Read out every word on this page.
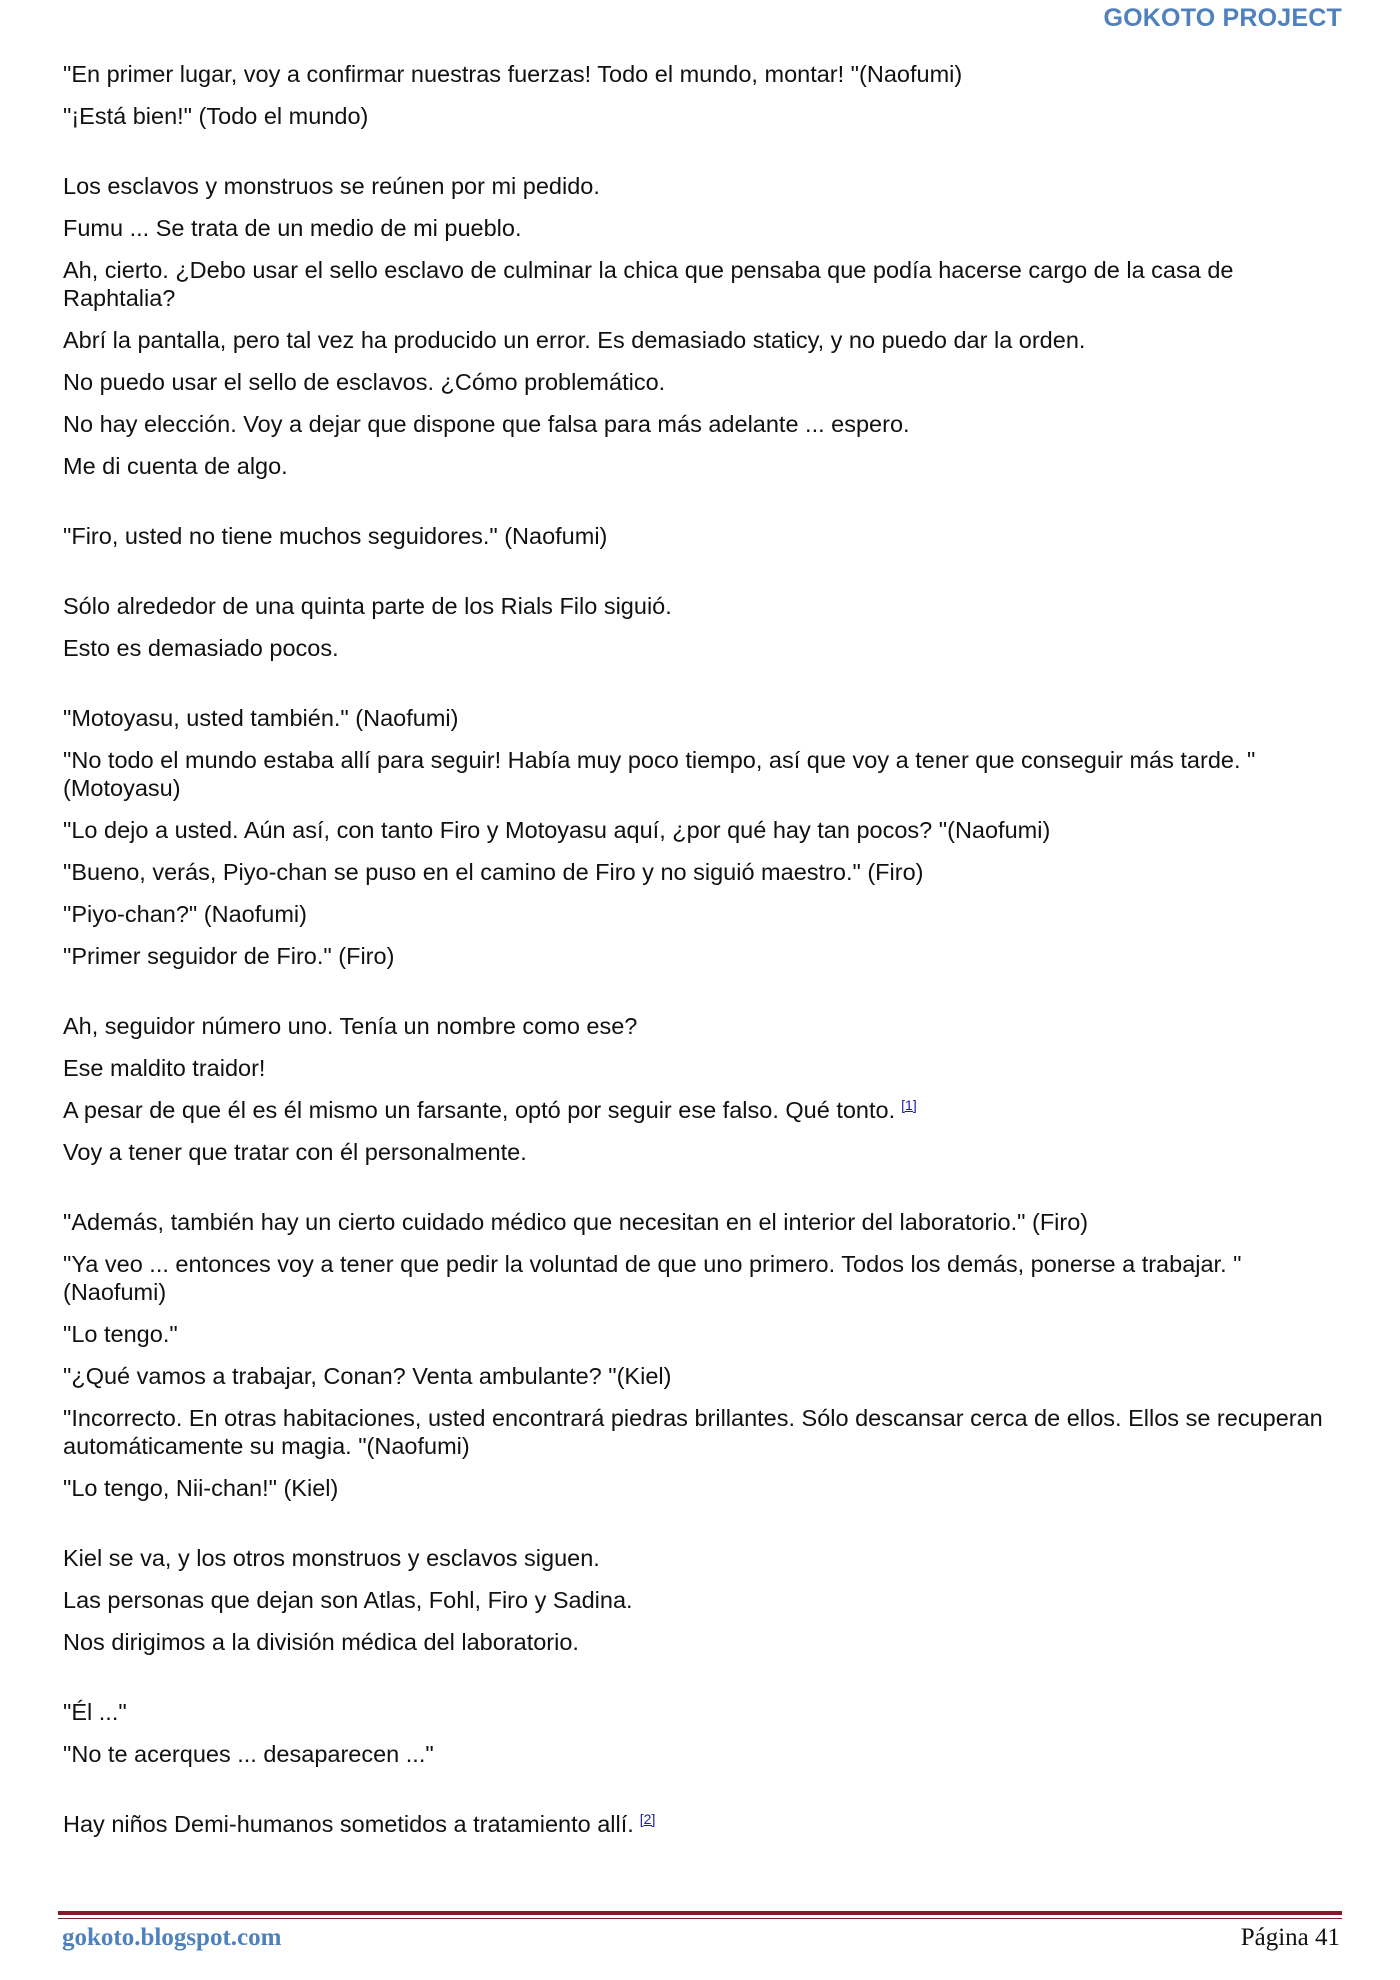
GOKOTO PROJECT

"En primer lugar, voy a confirmar nuestras fuerzas! Todo el mundo, montar! "(Naofumi)

"¡Está bien!" (Todo el mundo)

Los esclavos y monstruos se reúnen por mi pedido.

Fumu ... Se trata de un medio de mi pueblo.

Ah, cierto. ¿Debo usar el sello esclavo de culminar la chica que pensaba que podía hacerse cargo de la casa de Raphtalia?

Abrí la pantalla, pero tal vez ha producido un error. Es demasiado staticy, y no puedo dar la orden.

No puedo usar el sello de esclavos. ¿Cómo problemático.

No hay elección. Voy a dejar que dispone que falsa para más adelante ... espero.

Me di cuenta de algo.

"Firo, usted no tiene muchos seguidores." (Naofumi)

Sólo alrededor de una quinta parte de los Rials Filo siguió.

Esto es demasiado pocos.

"Motoyasu, usted también." (Naofumi)

"No todo el mundo estaba allí para seguir! Había muy poco tiempo, así que voy a tener que conseguir más tarde. "(Motoyasu)

"Lo dejo a usted. Aún así, con tanto Firo y Motoyasu aquí, ¿por qué hay tan pocos? "(Naofumi)

"Bueno, verás, Piyo-chan se puso en el camino de Firo y no siguió maestro." (Firo)

"Piyo-chan?" (Naofumi)

"Primer seguidor de Firo." (Firo)

Ah, seguidor número uno. Tenía un nombre como ese?

Ese maldito traidor!

A pesar de que él es él mismo un farsante, optó por seguir ese falso. Qué tonto. [1]

Voy a tener que tratar con él personalmente.

"Además, también hay un cierto cuidado médico que necesitan en el interior del laboratorio." (Firo)

"Ya veo ... entonces voy a tener que pedir la voluntad de que uno primero. Todos los demás, ponerse a trabajar. "(Naofumi)

"Lo tengo."

"¿Qué vamos a trabajar, Conan? Venta ambulante? "(Kiel)

"Incorrecto. En otras habitaciones, usted encontrará piedras brillantes. Sólo descansar cerca de ellos. Ellos se recuperan automáticamente su magia. "(Naofumi)

"Lo tengo, Nii-chan!" (Kiel)

Kiel se va, y los otros monstruos y esclavos siguen.

Las personas que dejan son Atlas, Fohl, Firo y Sadina.

Nos dirigimos a la división médica del laboratorio.

"Él ..."

"No te acerques ... desaparecen ..."

Hay niños Demi-humanos sometidos a tratamiento allí. [2]

gokoto.blogspot.com	Página 41
